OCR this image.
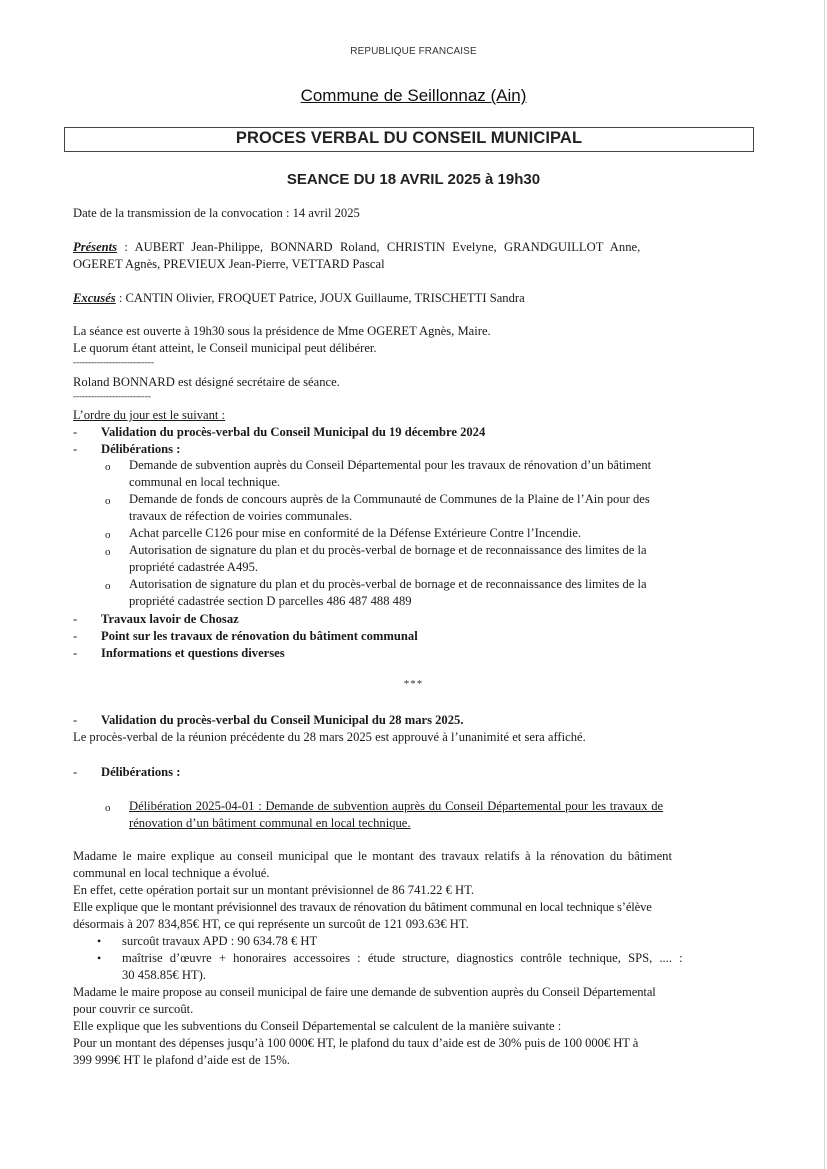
REPUBLIQUE FRANCAISE
Commune de Seillonnaz (Ain)
PROCES VERBAL DU CONSEIL MUNICIPAL
SEANCE DU 18 AVRIL 2025 à 19h30
Date de la transmission de la convocation : 14 avril 2025
Présents : AUBERT Jean-Philippe, BONNARD Roland, CHRISTIN Evelyne, GRANDGUILLOT Anne,
OGERET Agnès, PREVIEUX Jean-Pierre, VETTARD Pascal
Excusés : CANTIN Olivier, FROQUET Patrice, JOUX Guillaume, TRISCHETTI Sandra
La séance est ouverte à 19h30 sous la présidence de Mme OGERET Agnès, Maire.
Le quorum étant atteint, le Conseil municipal peut délibérer.
---------------------------
Roland BONNARD est désigné secrétaire de séance.
--------------------------
L’ordre du jour est le suivant :
- Validation du procès-verbal du Conseil Municipal du 19 décembre 2024
- Délibérations :
o Demande de subvention auprès du Conseil Départemental pour les travaux de rénovation d’un bâtiment
communal en local technique.
o Demande de fonds de concours auprès de la Communauté de Communes de la Plaine de l’Ain pour des
travaux de réfection de voiries communales.
o Achat parcelle C126 pour mise en conformité de la Défense Extérieure Contre l’Incendie.
o Autorisation de signature du plan et du procès-verbal de bornage et de reconnaissance des limites de la
propriété cadastrée A495.
o Autorisation de signature du plan et du procès-verbal de bornage et de reconnaissance des limites de la
propriété cadastrée section D parcelles 486 487 488 489
- Travaux lavoir de Chosaz
- Point sur les travaux de rénovation du bâtiment communal
- Informations et questions diverses
***
- Validation du procès-verbal du Conseil Municipal du 28 mars 2025.
Le procès-verbal de la réunion précédente du 28 mars 2025 est approuvé à l’unanimité et sera affiché.
- Délibérations :
o Délibération 2025-04-01 : Demande de subvention auprès du Conseil Départemental pour les travaux de
rénovation d’un bâtiment communal en local technique.
Madame le maire explique au conseil municipal que le montant des travaux relatifs à la rénovation du bâtiment
communal en local technique a évolué.
En effet, cette opération portait sur un montant prévisionnel de 86 741.22 € HT.
Elle explique que le montant prévisionnel des travaux de rénovation du bâtiment communal en local technique s’élève
désormais à 207 834,85€ HT, ce qui représente un surcoût de 121 093.63€ HT.
• surcoût travaux APD : 90 634.78 € HT
• maîtrise d’œuvre + honoraires accessoires : étude structure, diagnostics contrôle technique, SPS, .... :
30 458.85€ HT).
Madame le maire propose au conseil municipal de faire une demande de subvention auprès du Conseil Départemental
pour couvrir ce surcoût.
Elle explique que les subventions du Conseil Départemental se calculent de la manière suivante :
Pour un montant des dépenses jusqu’à 100 000€ HT, le plafond du taux d’aide est de 30% puis de 100 000€ HT à
399 999€ HT le plafond d’aide est de 15%.
